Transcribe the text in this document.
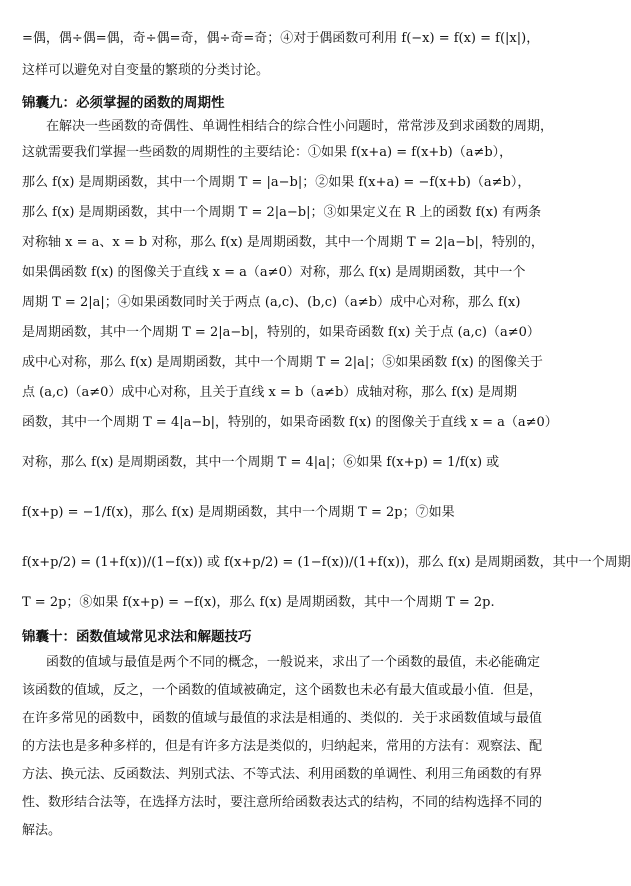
=偶，偶÷偶=偶，奇÷偶=奇，偶÷奇=奇；④对于偶函数可利用 f(−x) = f(x) = f(|x|)，
这样可以避免对自变量的繁琐的分类讨论。
锦囊九：必须掌握的函数的周期性
在解决一些函数的奇偶性、单调性相结合的综合性小问题时，常常涉及到求函数的周期，
这就需要我们掌握一些函数的周期性的主要结论：①如果 f(x+a) = f(x+b)（a≠b），
那么 f(x) 是周期函数，其中一个周期 T = |a−b|；②如果 f(x+a) = −f(x+b)（a≠b），
那么 f(x) 是周期函数，其中一个周期 T = 2|a−b|；③如果定义在 R 上的函数 f(x) 有两条
对称轴 x = a、x = b 对称，那么 f(x) 是周期函数，其中一个周期 T = 2|a−b|，特别的，
如果偶函数 f(x) 的图像关于直线 x = a（a≠0）对称，那么 f(x) 是周期函数，其中一个
周期 T = 2|a|；④如果函数同时关于两点 (a,c)、(b,c)（a≠b）成中心对称，那么 f(x)
是周期函数，其中一个周期 T = 2|a−b|，特别的，如果奇函数 f(x) 关于点 (a,c)（a≠0）
成中心对称，那么 f(x) 是周期函数，其中一个周期 T = 2|a|；⑤如果函数 f(x) 的图像关于
点 (a,c)（a≠0）成中心对称，且关于直线 x = b（a≠b）成轴对称，那么 f(x) 是周期
函数，其中一个周期 T = 4|a−b|，特别的，如果奇函数 f(x) 的图像关于直线 x = a（a≠0）
对称，那么 f(x) 是周期函数，其中一个周期 T = 4|a|；⑥如果 f(x+p) = 1/f(x) 或
f(x+p) = −1/f(x)，那么 f(x) 是周期函数，其中一个周期 T = 2p；⑦如果
f(x+p/2) = (1+f(x))/(1−f(x)) 或 f(x+p/2) = (1−f(x))/(1+f(x))，那么 f(x) 是周期函数，其中一个周期
T = 2p；⑧如果 f(x+p) = −f(x)，那么 f(x) 是周期函数，其中一个周期 T = 2p.
锦囊十：函数值域常见求法和解题技巧
函数的值域与最值是两个不同的概念，一般说来，求出了一个函数的最值，未必能确定
该函数的值域，反之，一个函数的值域被确定，这个函数也未必有最大值或最小值．但是，
在许多常见的函数中，函数的值域与最值的求法是相通的、类似的．关于求函数值域与最值
的方法也是多种多样的，但是有许多方法是类似的，归纳起来，常用的方法有：观察法、配
方法、换元法、反函数法、判别式法、不等式法、利用函数的单调性、利用三角函数的有界
性、数形结合法等，在选择方法时，要注意所给函数表达式的结构，不同的结构选择不同的
解法。
